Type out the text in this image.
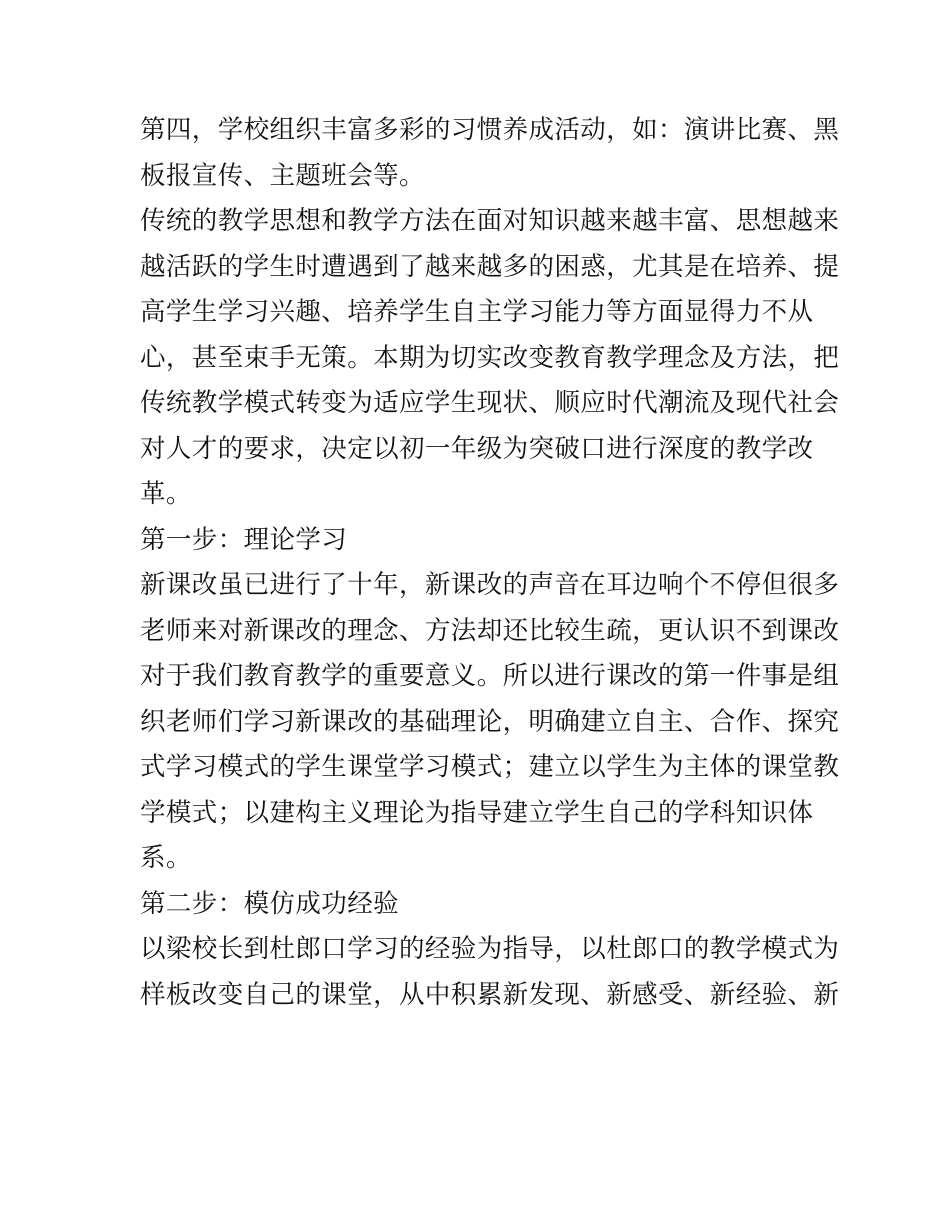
第四，学校组织丰富多彩的习惯养成活动，如：演讲比赛、黑
板报宣传、主题班会等。
传统的教学思想和教学方法在面对知识越来越丰富、思想越来
越活跃的学生时遭遇到了越来越多的困惑，尤其是在培养、提
高学生学习兴趣、培养学生自主学习能力等方面显得力不从
心，甚至束手无策。本期为切实改变教育教学理念及方法，把
传统教学模式转变为适应学生现状、顺应时代潮流及现代社会
对人才的要求，决定以初一年级为突破口进行深度的教学改
革。
第一步：理论学习
新课改虽已进行了十年，新课改的声音在耳边响个不停但很多
老师来对新课改的理念、方法却还比较生疏，更认识不到课改
对于我们教育教学的重要意义。所以进行课改的第一件事是组
织老师们学习新课改的基础理论，明确建立自主、合作、探究
式学习模式的学生课堂学习模式；建立以学生为主体的课堂教
学模式；以建构主义理论为指导建立学生自己的学科知识体
系。
第二步：模仿成功经验
以梁校长到杜郎口学习的经验为指导，以杜郎口的教学模式为
样板改变自己的课堂，从中积累新发现、新感受、新经验、新
